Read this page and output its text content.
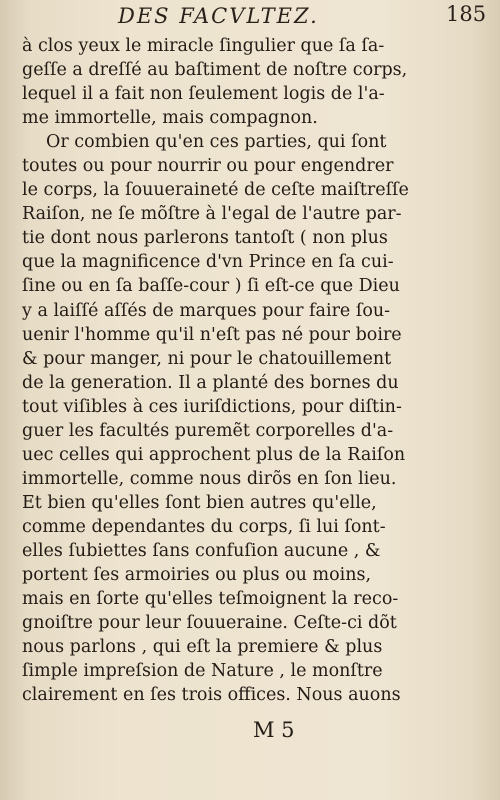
DES FACVLTEZ.	185
à clos yeux le miracle ſingulier que ſa ſa-
geſſe a dreſſé au baſtiment de noſtre corps,
lequel il a fait non ſeulement logis de l'a-
me immortelle, mais compagnon.
Or combien qu'en ces parties, qui ſont
toutes ou pour nourrir ou pour engendrer
le corps, la ſouueraineté de ceſte maiſtreſſe
Raiſon, ne ſe mõſtre à l'egal de l'autre par-
tie dont nous parlerons tantoſt ( non plus
que la magnificence d'vn Prince en ſa cui-
ſine ou en ſa baſſe-cour ) ſi eſt-ce que Dieu
y a laiſſé aſſés de marques pour faire ſou-
uenir l'homme qu'il n'eſt pas né pour boire
& pour manger, ni pour le chatouillement
de la generation. Il a planté des bornes du
tout viſibles à ces iuriſdictions, pour diſtin-
guer les facultés puremẽt corporelles d'a-
uec celles qui approchent plus de la Raiſon
immortelle, comme nous dirõs en ſon lieu.
Et bien qu'elles ſont bien autres qu'elle,
comme dependantes du corps, ſi lui ſont-
elles ſubiettes ſans confuſion aucune , &
portent ſes armoiries ou plus ou moins,
mais en ſorte qu'elles teſmoignent la reco-
gnoiſtre pour leur ſouueraine. Ceſte-ci dõt
nous parlons , qui eſt la premiere & plus
ſimple impreſsion de Nature , le monſtre
clairement en ſes trois offices. Nous auons
M 5
